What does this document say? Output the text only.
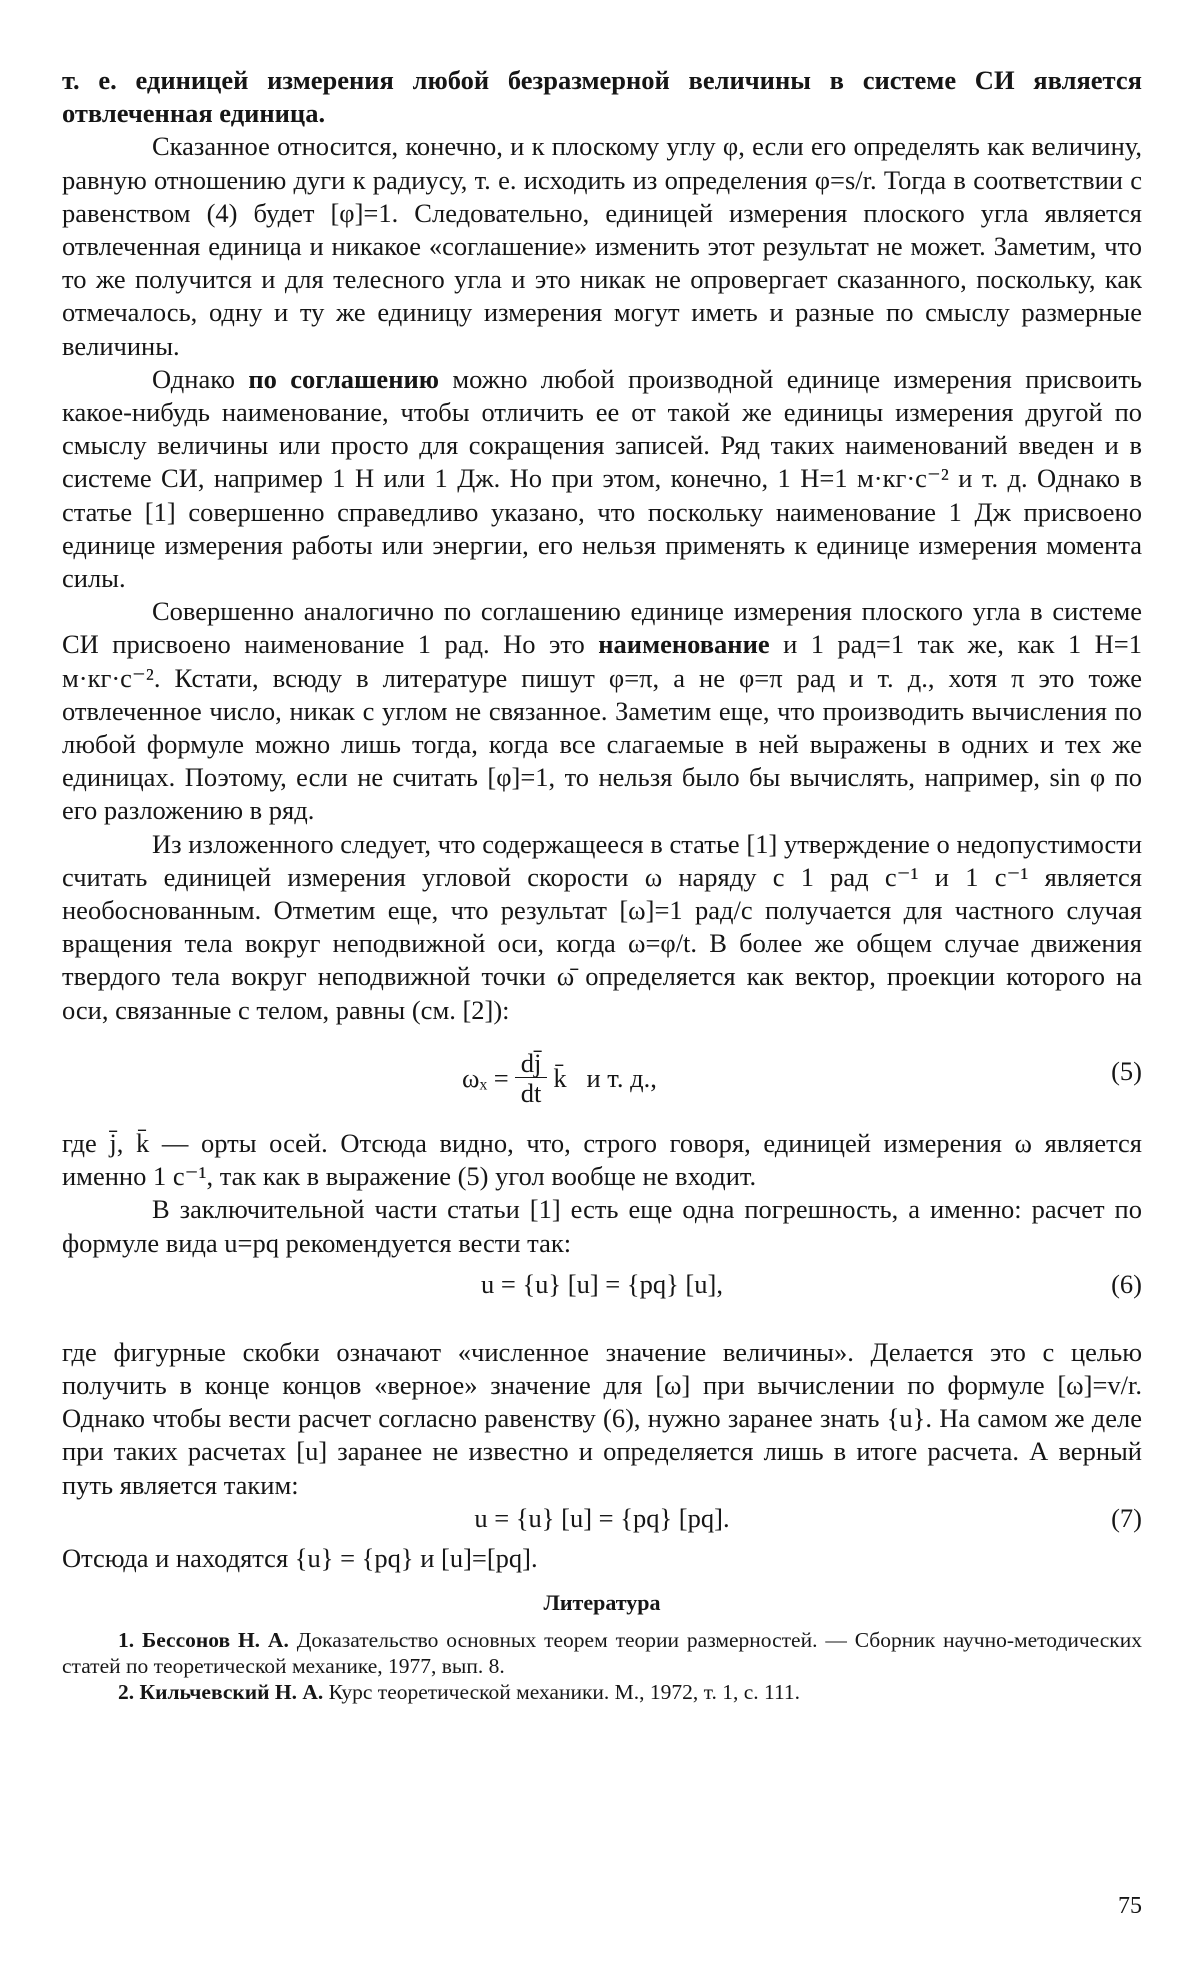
т. е. единицей измерения любой безразмерной величины в системе СИ является отвлеченная единица.

Сказанное относится, конечно, и к плоскому углу φ, если его определять как величину, равную отношению дуги к радиусу, т. е. исходить из определения φ=s/r. Тогда в соответствии с равенством (4) будет [φ]=1. Следовательно, единицей измерения плоского угла является отвлеченная единица и никакое «соглашение» изменить этот результат не может. Заметим, что то же получится и для телесного угла и это никак не опровергает сказанного, поскольку, как отмечалось, одну и ту же единицу измерения могут иметь и разные по смыслу размерные величины.

Однако по соглашению можно любой производной единице измерения присвоить какое-нибудь наименование, чтобы отличить ее от такой же единицы измерения другой по смыслу величины или просто для сокращения записей. Ряд таких наименований введен и в системе СИ, например 1 Н или 1 Дж. Но при этом, конечно, 1 Н=1 м·кг·с⁻² и т. д. Однако в статье [1] совершенно справедливо указано, что поскольку наименование 1 Дж присвоено единице измерения работы или энергии, его нельзя применять к единице измерения момента силы.

Совершенно аналогично по соглашению единице измерения плоского угла в системе СИ присвоено наименование 1 рад. Но это наименование и 1 рад=1 так же, как 1 Н=1 м·кг·с⁻². Кстати, всюду в литературе пишут φ=π, а не φ=π рад и т. д., хотя π это тоже отвлеченное число, никак с углом не связанное. Заметим еще, что производить вычисления по любой формуле можно лишь тогда, когда все слагаемые в ней выражены в одних и тех же единицах. Поэтому, если не считать [φ]=1, то нельзя было бы вычислять, например, sin φ по его разложению в ряд.

Из изложенного следует, что содержащееся в статье [1] утверждение о недопустимости считать единицей измерения угловой скорости ω наряду с 1 рад с⁻¹ и 1 с⁻¹ является необоснованным. Отметим еще, что результат [ω]=1 рад/с получается для частного случая вращения тела вокруг неподвижной оси, когда ω=φ/t. В более же общем случае движения твердого тела вокруг неподвижной точки ω̄ определяется как вектор, проекции которого на оси, связанные с телом, равны (см. [2]):

$\omega_x = \frac{dj̄}{dt}$ k̄   и т. д.,	(5)

где j̄, k̄ — орты осей. Отсюда видно, что, строго говоря, единицей измерения ω является именно 1 с⁻¹, так как в выражение (5) угол вообще не входит.

В заключительной части статьи [1] есть еще одна погрешность, а именно: расчет по формуле вида u=pq рекомендуется вести так:

u = {u} [u] = {pq} [u],	(6)

где фигурные скобки означают «численное значение величины». Делается это с целью получить в конце концов «верное» значение для [ω] при вычислении по формуле [ω]=v/r. Однако чтобы вести расчет согласно равенству (6), нужно заранее знать {u}. На самом же деле при таких расчетах [u] заранее не известно и определяется лишь в итоге расчета. А верный путь является таким:

u = {u} [u] = {pq} [pq].	(7)

Отсюда и находятся {u} = {pq} и [u]=[pq].

Литература

1. Бессонов Н. А. Доказательство основных теорем теории размерностей. — Сборник научно-методических статей по теоретической механике, 1977, вып. 8.

2. Кильчевский Н. А. Курс теоретической механики. М., 1972, т. 1, с. 111.

75
